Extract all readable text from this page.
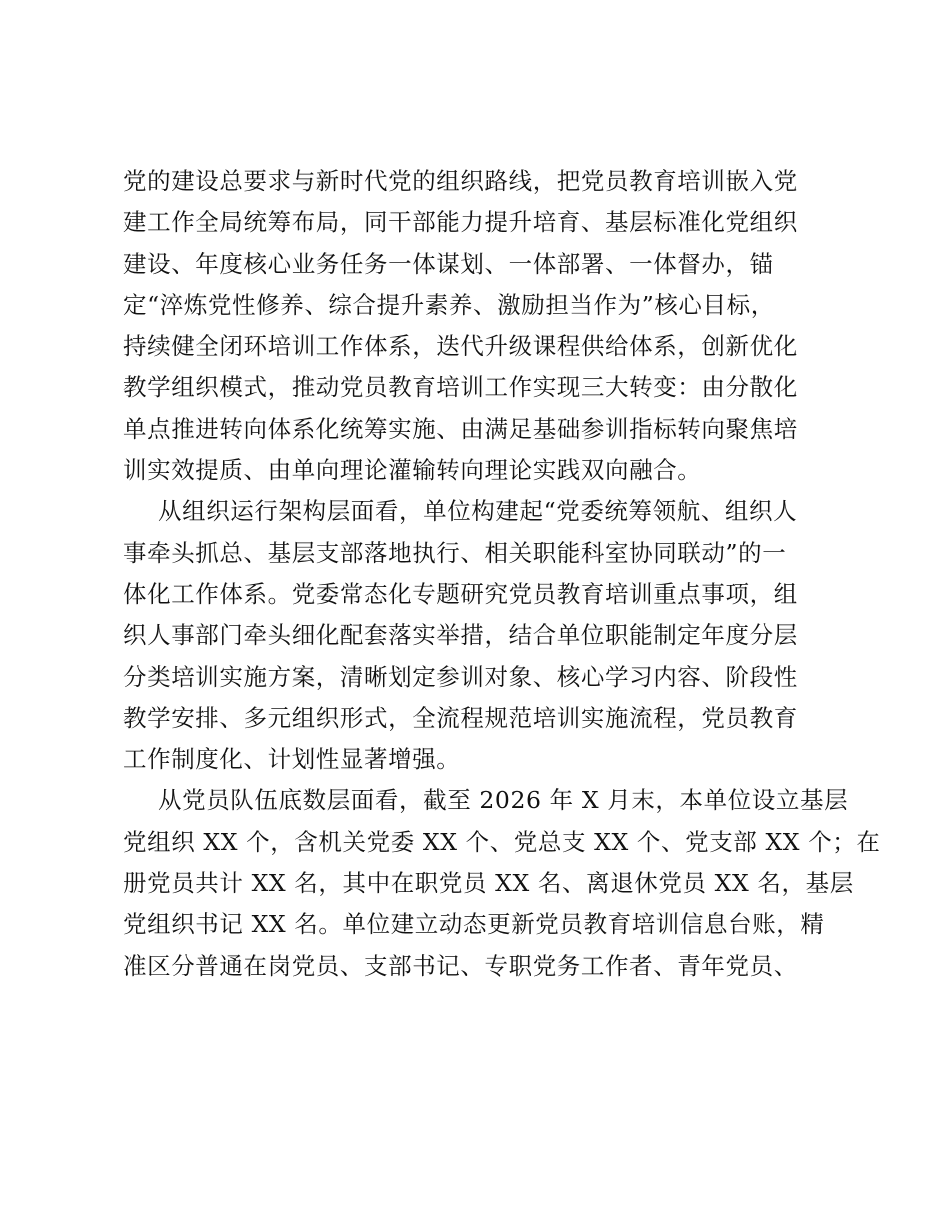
党的建设总要求与新时代党的组织路线，把党员教育培训嵌入党
建工作全局统筹布局，同干部能力提升培育、基层标准化党组织
建设、年度核心业务任务一体谋划、一体部署、一体督办，锚
定“淬炼党性修养、综合提升素养、激励担当作为”核心目标，
持续健全闭环培训工作体系，迭代升级课程供给体系，创新优化
教学组织模式，推动党员教育培训工作实现三大转变：由分散化
单点推进转向体系化统筹实施、由满足基础参训指标转向聚焦培
训实效提质、由单向理论灌输转向理论实践双向融合。
从组织运行架构层面看，单位构建起“党委统筹领航、组织人
事牵头抓总、基层支部落地执行、相关职能科室协同联动”的一
体化工作体系。党委常态化专题研究党员教育培训重点事项，组
织人事部门牵头细化配套落实举措，结合单位职能制定年度分层
分类培训实施方案，清晰划定参训对象、核心学习内容、阶段性
教学安排、多元组织形式，全流程规范培训实施流程，党员教育
工作制度化、计划性显著增强。
从党员队伍底数层面看，截至 2026 年 X 月末，本单位设立基层
党组织 XX 个，含机关党委 XX 个、党总支 XX 个、党支部 XX 个；在
册党员共计 XX 名，其中在职党员 XX 名、离退休党员 XX 名，基层
党组织书记 XX 名。单位建立动态更新党员教育培训信息台账，精
准区分普通在岗党员、支部书记、专职党务工作者、青年党员、
